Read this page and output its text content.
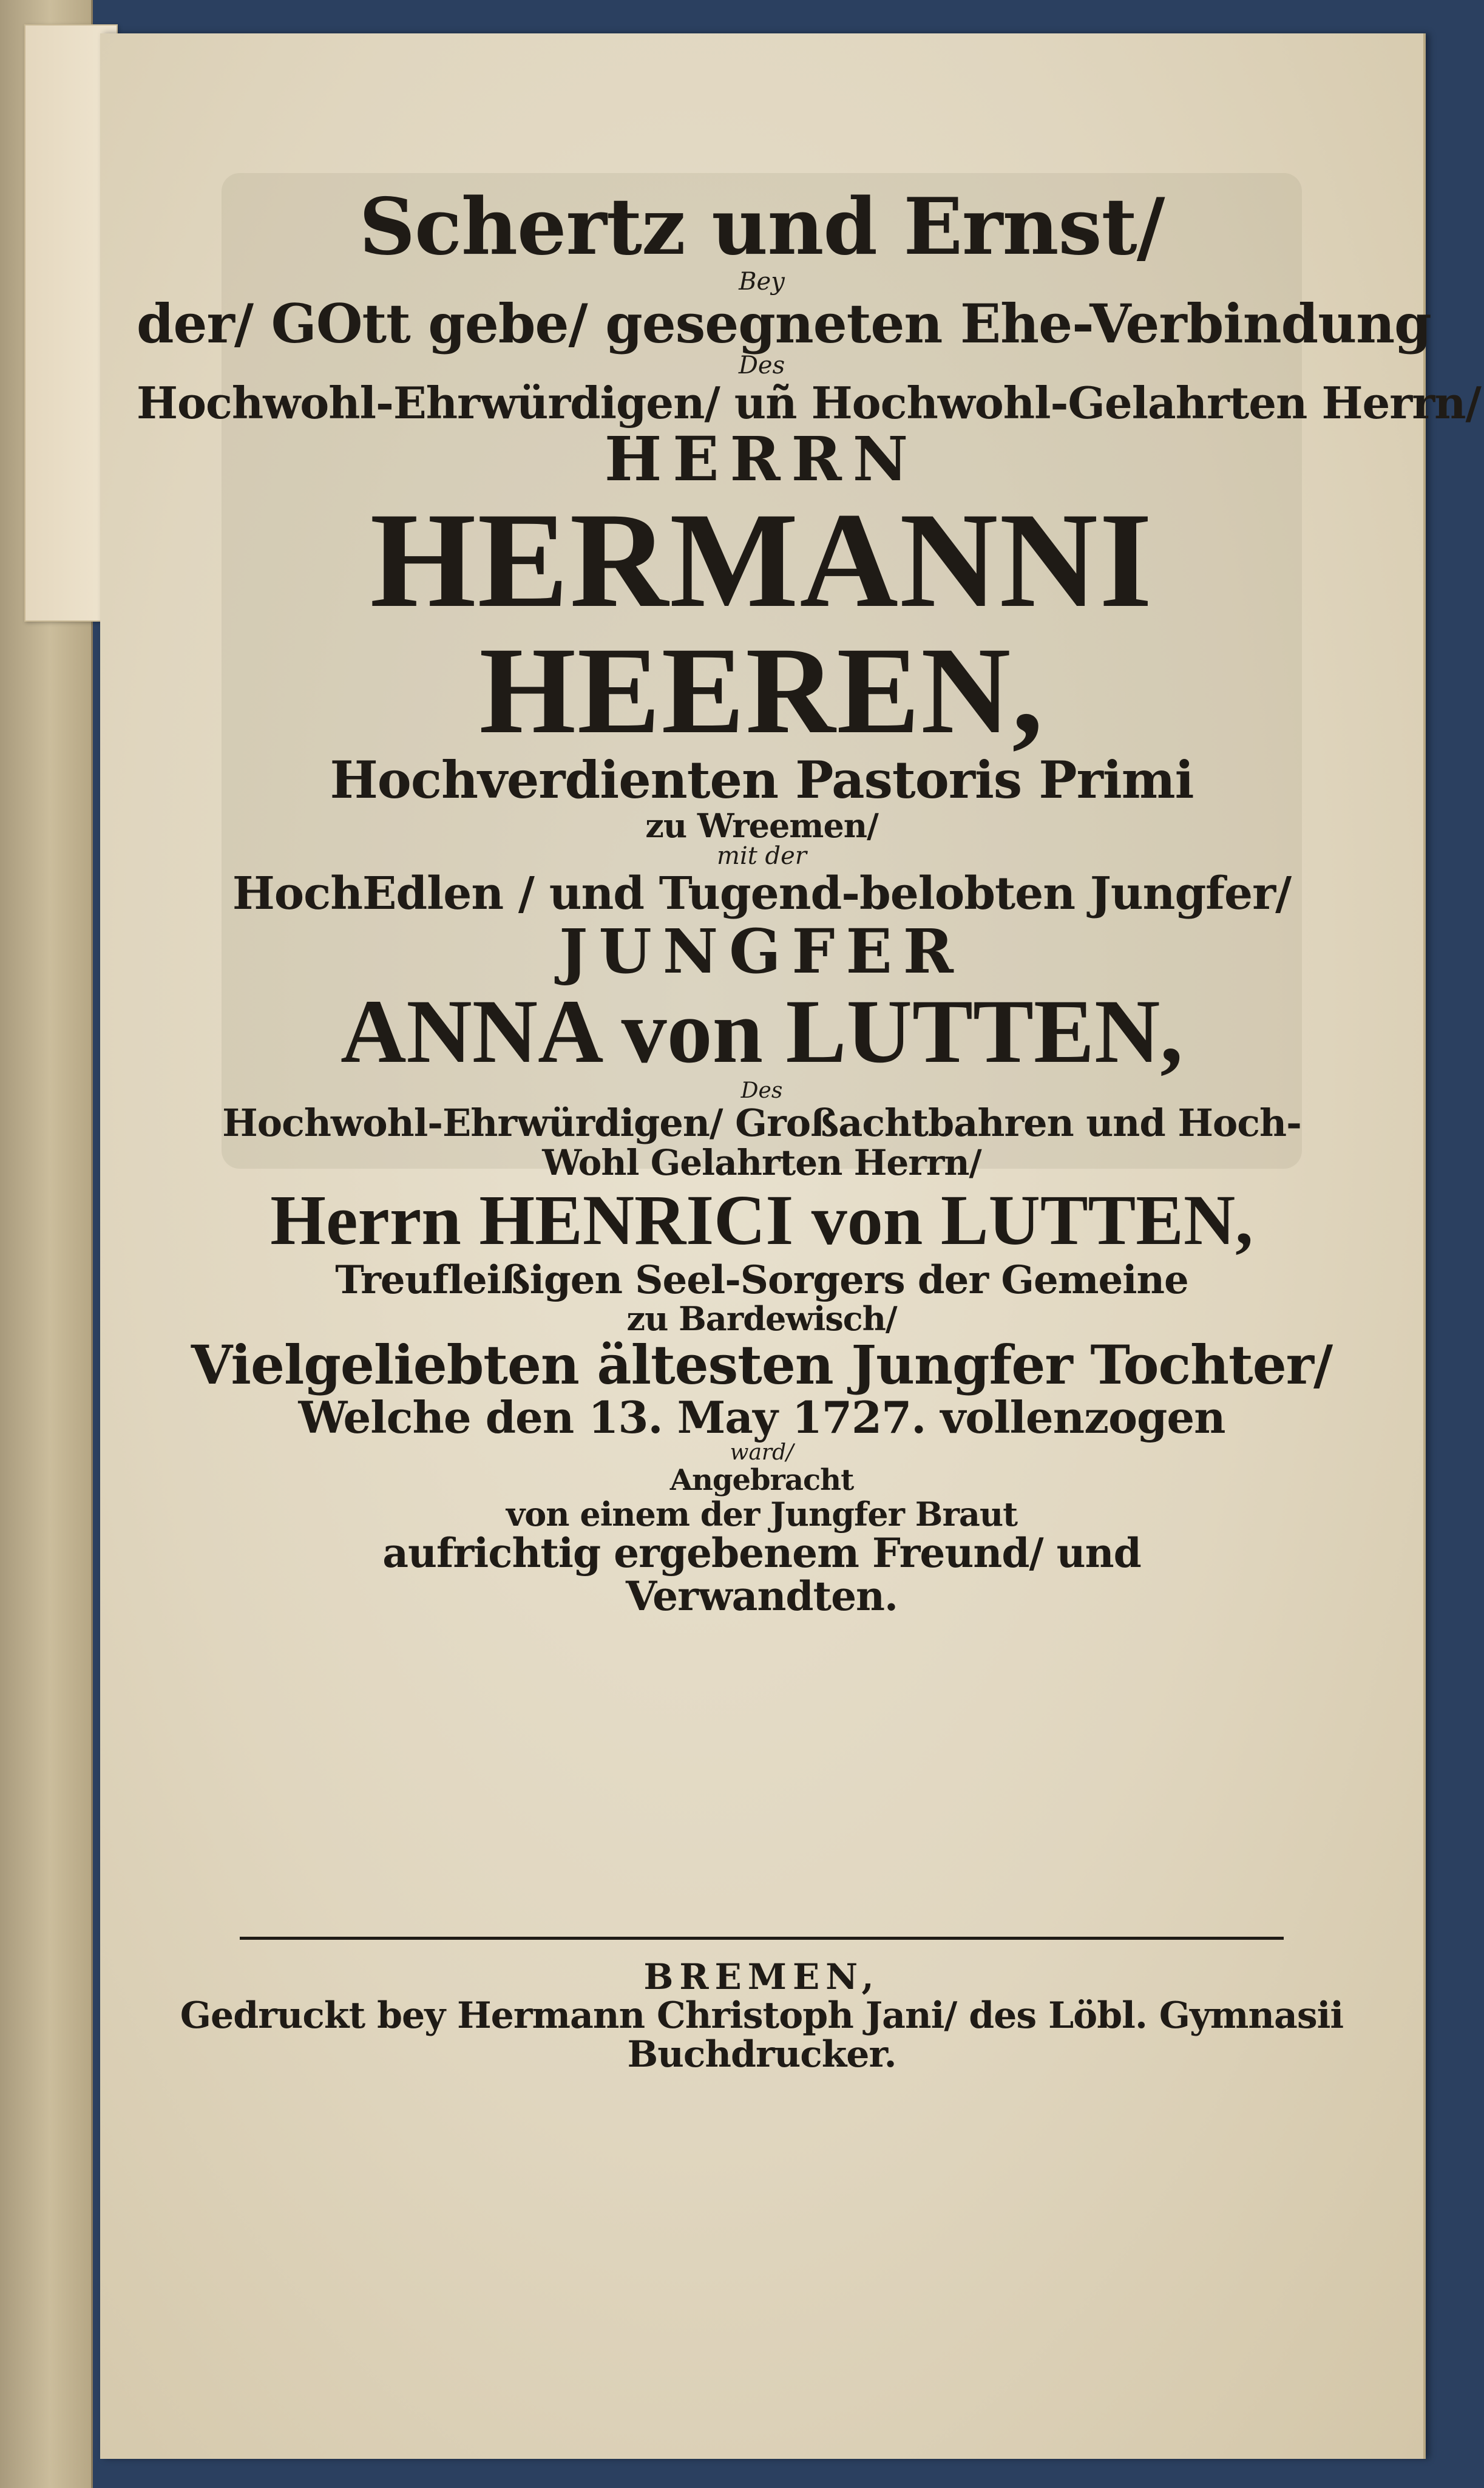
Schertz und Ernst/
Bey
der/ GOtt gebe/ gesegneten Ehe-Verbindung
Des
Hochwohl-Ehrwürdigen/ uñ Hochwohl-Gelahrten Herrn/
HERRN
HERMANNI
HEEREN,
Hochverdienten Pastoris Primi
zu Wreemen/
mit der
HochEdlen / und Tugend-belobten Jungfer/
JUNGFER
ANNA von LUTTEN,
Des
Hochwohl-Ehrwürdigen/ Großachtbahren und Hoch-
Wohl Gelahrten Herrn/
Herrn HENRICI von LUTTEN,
Treufleißigen Seel-Sorgers der Gemeine
zu Bardewisch/
Vielgeliebten ältesten Jungfer Tochter/
Welche den 13. May 1727. vollenzogen
ward/
Angebracht
von einem der Jungfer Braut
aufrichtig ergebenem Freund/ und
Verwandten.
BREMEN,
Gedruckt bey Hermann Christoph Jani/ des Löbl. Gymnasii
Buchdrucker.
